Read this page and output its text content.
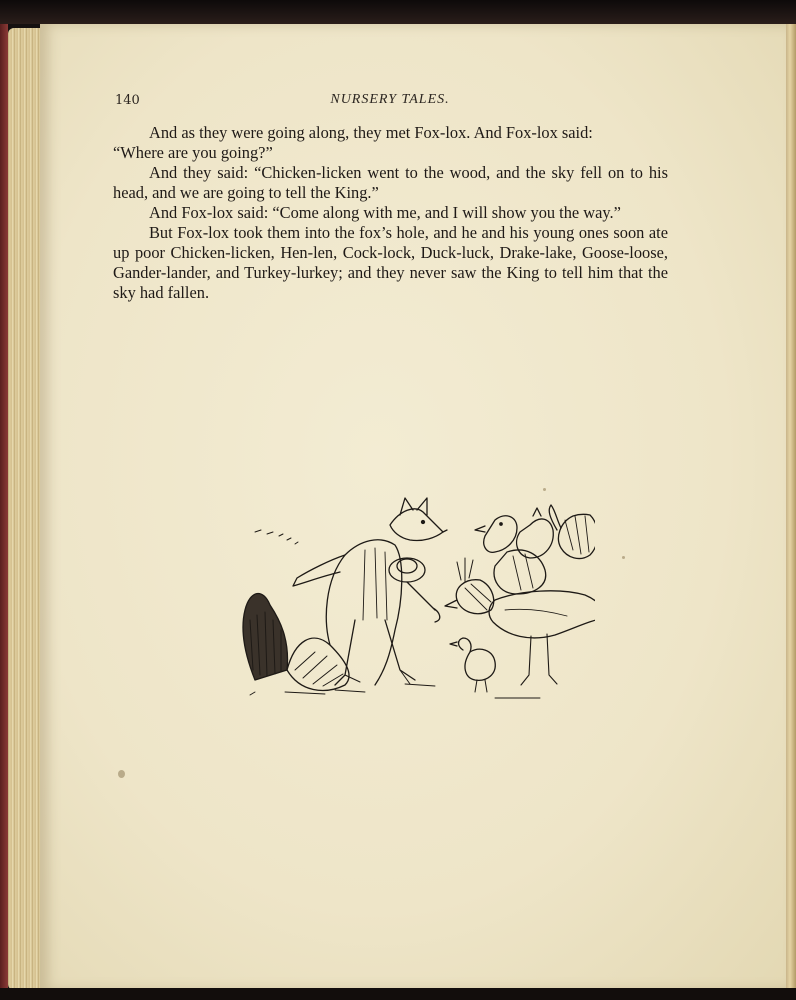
140	NURSERY TALES.

And as they were going along, they met Fox-lox. And Fox-lox said:

“Where are you going?”

And they said: “Chicken-licken went to the wood, and the sky fell on to his head, and we are going to tell the King.”

And Fox-lox said: “Come along with me, and I will show you the way.”

But Fox-lox took them into the fox’s hole, and he and his young ones soon ate up poor Chicken-licken, Hen-len, Cock-lock, Duck-luck, Drake-lake, Goose-loose, Gander-lander, and Turkey-lurkey; and they never saw the King to tell him that the sky had fallen.
